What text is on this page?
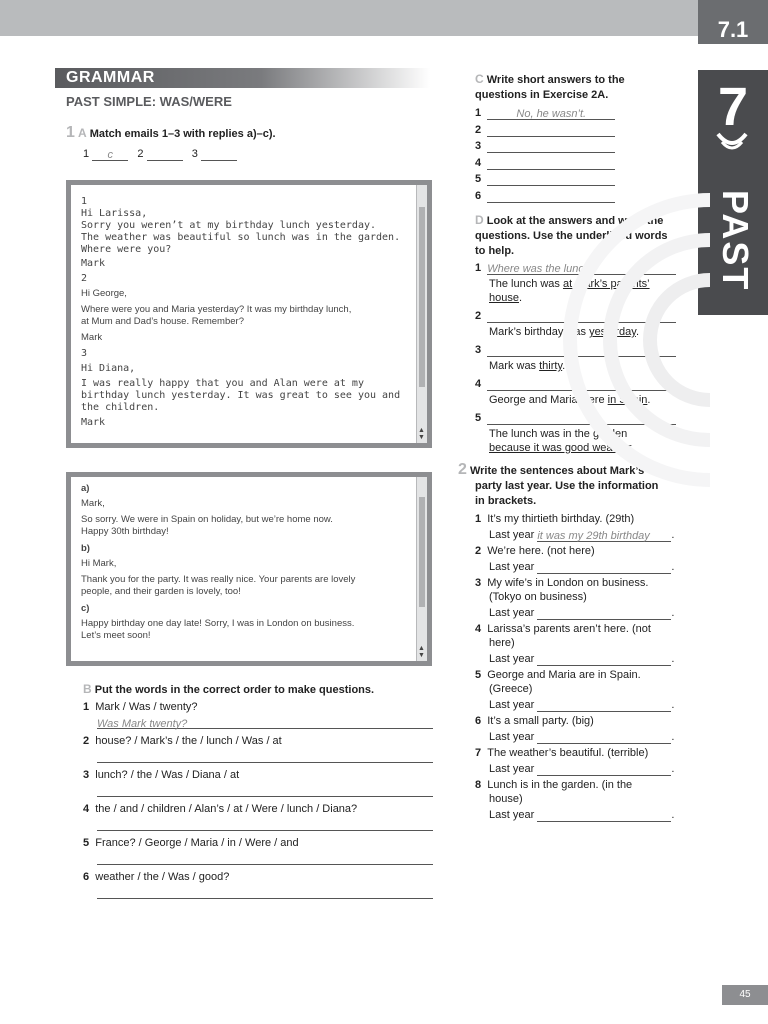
7.1
7
PAST
GRAMMAR
PAST SIMPLE: WAS/WERE
1 A Match emails 1–3 with replies a)–c).
1 c 2	3
1
Hi Larissa,
Sorry you weren’t at my birthday lunch yesterday.
The weather was beautiful so lunch was in the garden.
Where were you?
Mark
2
Hi George,
Where were you and Maria yesterday? It was my birthday lunch,
at Mum and Dad’s house. Remember?
Mark
3
Hi Diana,
I was really happy that you and Alan were at my
birthday lunch yesterday. It was great to see you and
the children.
Mark
▲
▼
a)
Mark,
So sorry. We were in Spain on holiday, but we’re home now.
Happy 30th birthday!
b)
Hi Mark,
Thank you for the party. It was really nice. Your parents are lovely
people, and their garden is lovely, too!
c)
Happy birthday one day late! Sorry, I was in London on business.
Let’s meet soon!
▲
▼
B Put the words in the correct order to make questions.
1 Mark / Was / twenty?
Was Mark twenty?
2 house? / Mark’s / the / lunch / Was / at
3 lunch? / the / Was / Diana / at
4 the / and / children / Alan’s / at / Were / lunch / Diana?
5 France? / George / Maria / in / Were / and
6 weather / the / Was / good?
C Write short answers to the
questions in Exercise 2A.
1	No, he wasn’t.
2
3
4
5
6
D Look at the answers and write the
questions. Use the underlined words
to help.
1 Where was the lunch?
The lunch was at Mark’s parents’
house.
2
Mark’s birthday was yesterday.
3
Mark was thirty.
4
George and Maria were in Spain.
5
The lunch was in the garden
because it was good weather.
2 Write the sentences about Mark’s
party last year. Use the information
in brackets.
1 It’s my thirtieth birthday. (29th)
Last year it was my 29th birthday .
2 We’re here. (not here)
Last year	.
3 My wife’s in London on business.
(Tokyo on business)
Last year	.
4 Larissa’s parents aren’t here. (not
here)
Last year	.
5 George and Maria are in Spain.
(Greece)
Last year	.
6 It’s a small party. (big)
Last year	.
7 The weather’s beautiful. (terrible)
Last year	.
8 Lunch is in the garden. (in the
house)
Last year	.
45
